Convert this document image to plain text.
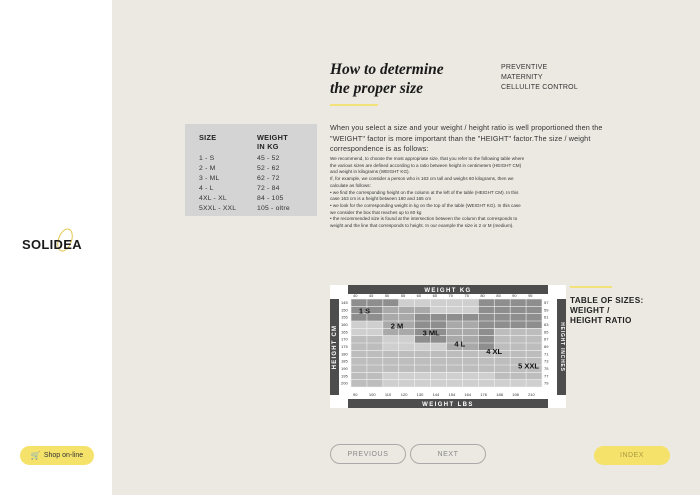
SOLIDEA
🛒 Shop on-line
How to determine
the proper size
PREVENTIVE
MATERNITY
CELLULITE CONTROL
SIZE	WEIGHT
IN KG
1 - S	45 - 52
2 - M	52 - 62
3 - ML	62 - 72
4 - L	72 - 84
4XL - XL	84 - 105
5XXL - XXL	105 - oltre
When you select a size and your weight / height ratio is well proportioned then the "WEIGHT" factor is more important than the "HEIGHT" factor.The size / weight correspondence is as follows:
We recommend, to choose the most appropriate size, that you refer to the following table where
the various sizes are defined according to a ratio between height in centimeters (HEIGHT CM)
and weight in kilograms (WEIGHT KG).
If, for example, we consider a person who is 163 cm tall and weighs 60 kilograms, then we
calculate as follows:
• we find the corresponding height on the column at the left of the table (HEIGHT CM). In this
case 163 cm is a height between 160 and 165 cm
• we look for the corresponding weight in kg on the top of the table (WEIGHT KG). In this case
we consider the box that reaches up to 60 kg
• the recommended size is found at the intersection between the column that corresponds to
weight and the line that corresponds to height. In our example the size is 2 or M (medium).
WEIGHT KG
WEIGHT LBS
HEIGHT CM	HEIGHT INCHES
40	45	50	55	60	65	70	75	80	85	90	95
90	100 110 120 130 144 154 164 176 188 198 210
145
150
155
160
165
170
175
180
185
190
195
200
57
59
61
63
65
67
69
71
73
75
77
79
1 S
2 M
3 ML
4 L
4 XL
5 XXL
TABLE OF SIZES:
WEIGHT /
HEIGHT RATIO
PREVIOUS	NEXT	INDEX
